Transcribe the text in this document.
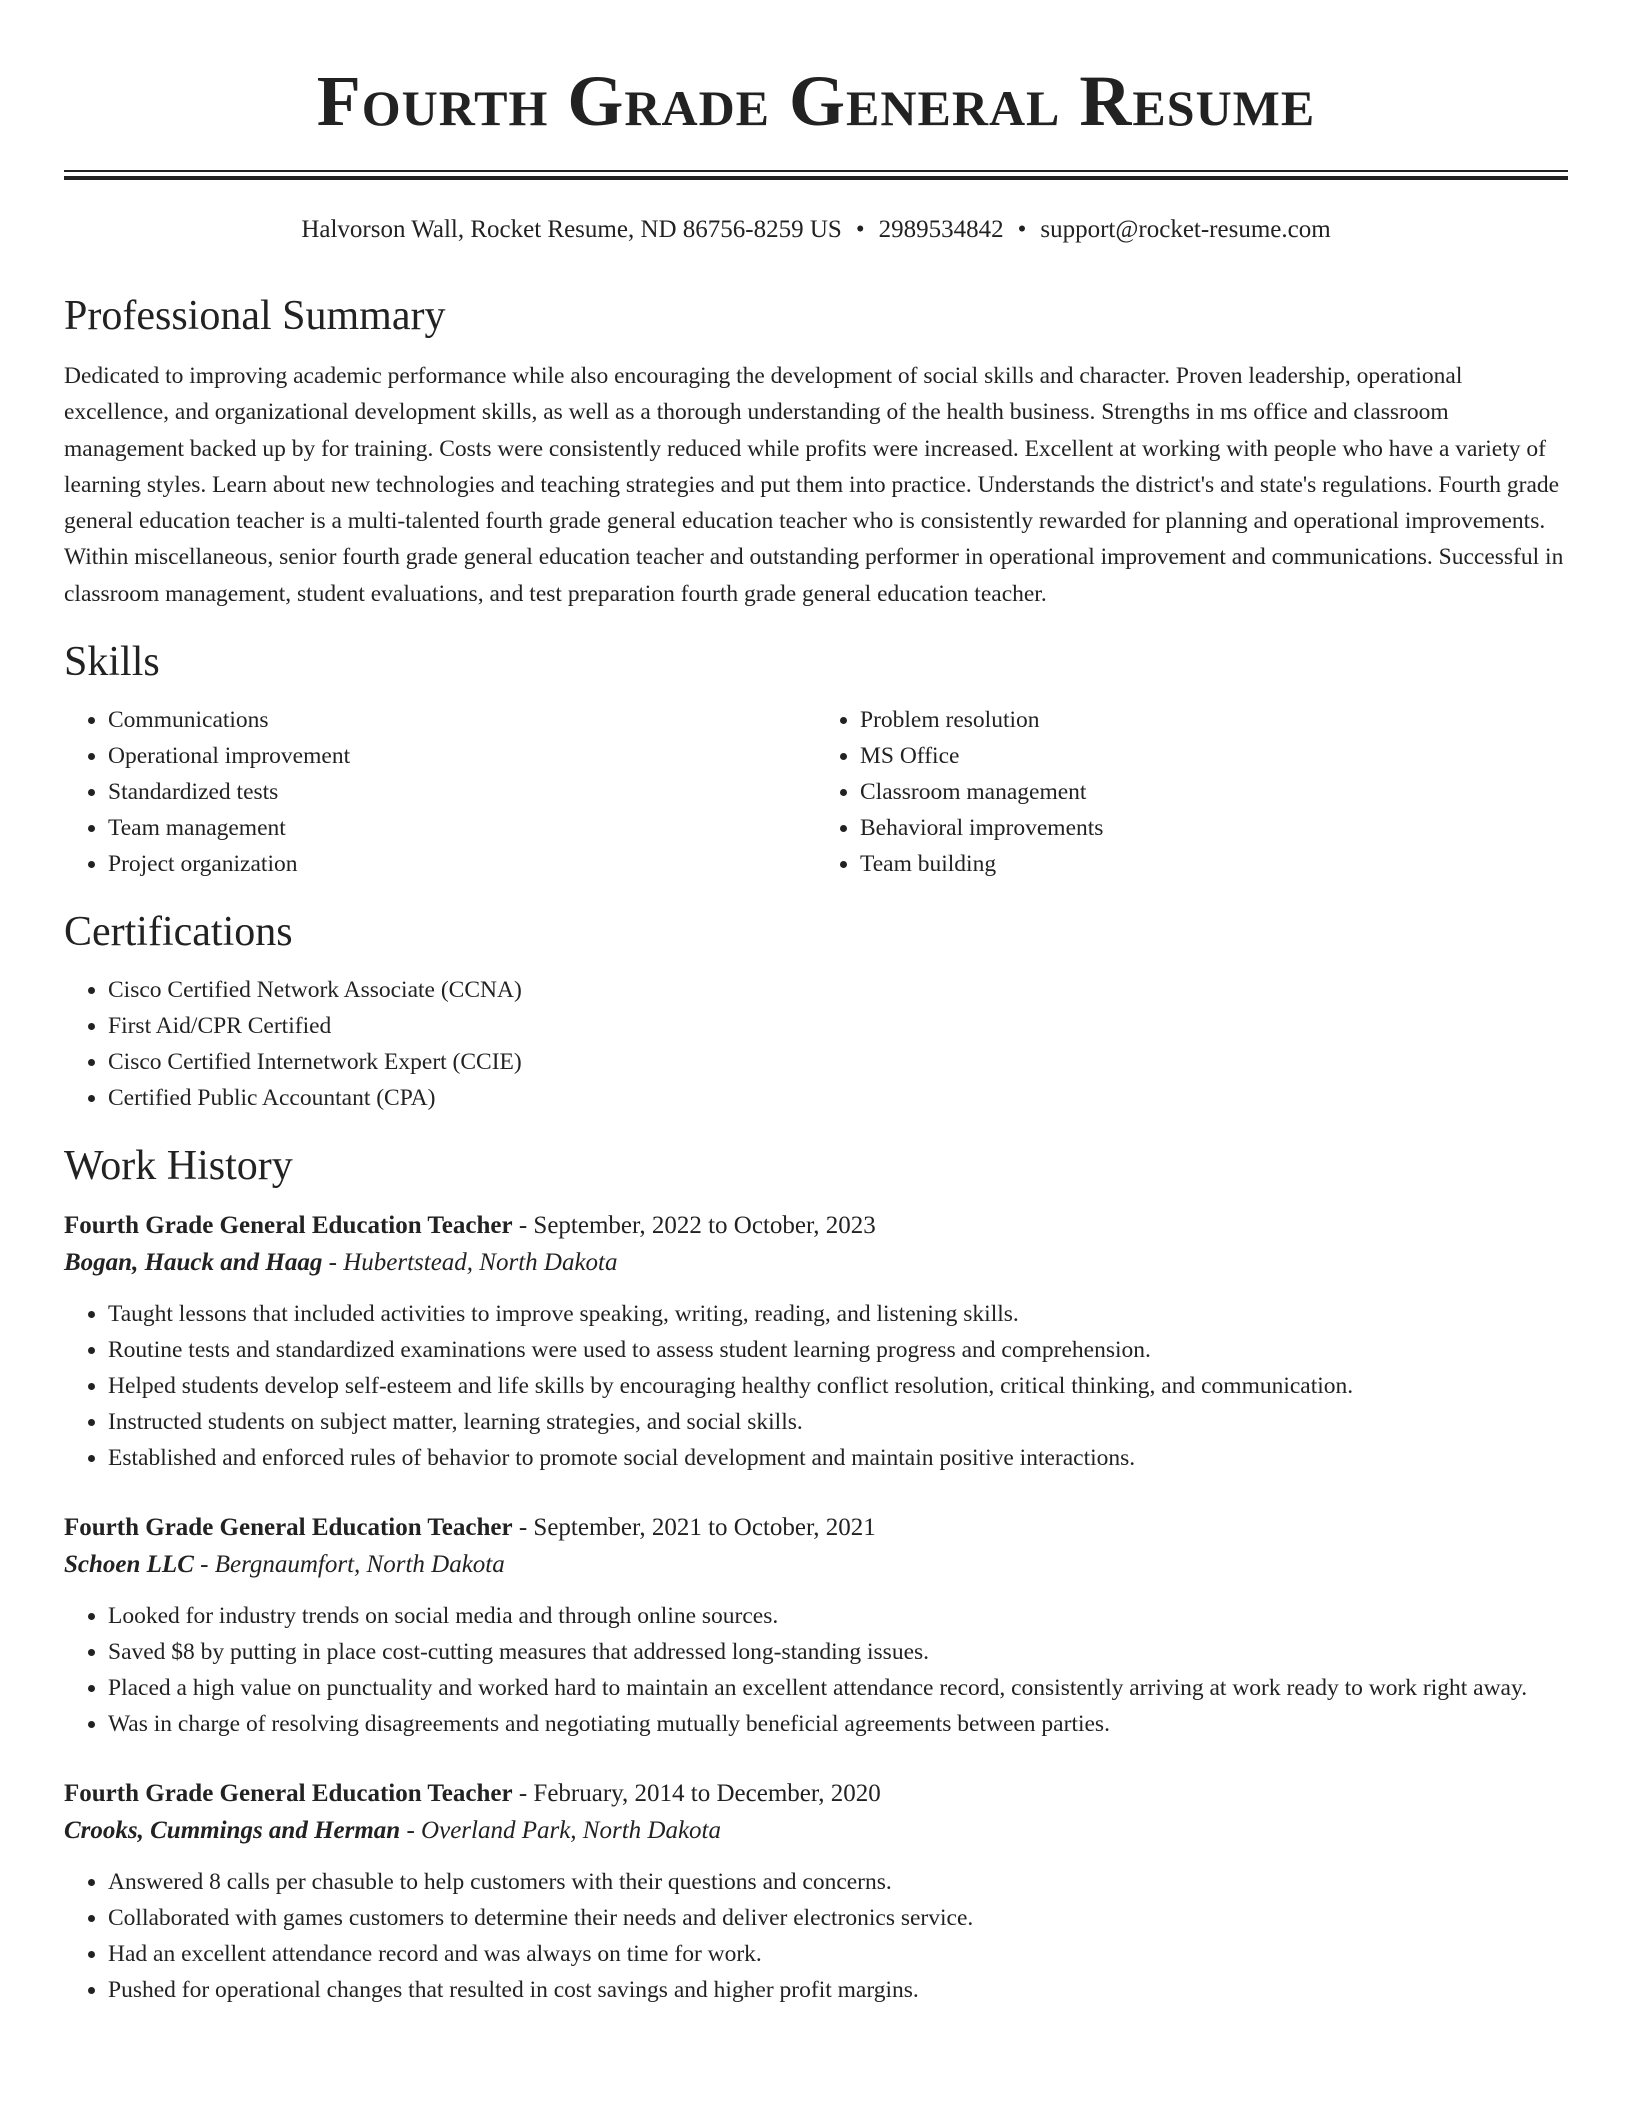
Fourth Grade General Resume
Halvorson Wall, Rocket Resume, ND 86756-8259 US • 2989534842 • support@rocket-resume.com
Professional Summary

Dedicated to improving academic performance while also encouraging the development of social skills and character. Proven leadership, operational excellence, and organizational development skills, as well as a thorough understanding of the health business. Strengths in ms office and classroom management backed up by for training. Costs were consistently reduced while profits were increased. Excellent at working with people who have a variety of learning styles. Learn about new technologies and teaching strategies and put them into practice. Understands the district's and state's regulations. Fourth grade general education teacher is a multi-talented fourth grade general education teacher who is consistently rewarded for planning and operational improvements. Within miscellaneous, senior fourth grade general education teacher and outstanding performer in operational improvement and communications. Successful in classroom management, student evaluations, and test preparation fourth grade general education teacher.

Skills
• Communications
• Operational improvement
• Standardized tests
• Team management
• Project organization
• Problem resolution
• MS Office
• Classroom management
• Behavioral improvements
• Team building
Certifications
• Cisco Certified Network Associate (CCNA)
• First Aid/CPR Certified
• Cisco Certified Internetwork Expert (CCIE)
• Certified Public Accountant (CPA)
Work History
Fourth Grade General Education Teacher - September, 2022 to October, 2023
Bogan, Hauck and Haag - Hubertstead, North Dakota
• Taught lessons that included activities to improve speaking, writing, reading, and listening skills.
• Routine tests and standardized examinations were used to assess student learning progress and comprehension.
• Helped students develop self-esteem and life skills by encouraging healthy conflict resolution, critical thinking, and communication.
• Instructed students on subject matter, learning strategies, and social skills.
• Established and enforced rules of behavior to promote social development and maintain positive interactions.
Fourth Grade General Education Teacher - September, 2021 to October, 2021
Schoen LLC - Bergnaumfort, North Dakota
• Looked for industry trends on social media and through online sources.
• Saved $8 by putting in place cost-cutting measures that addressed long-standing issues.
• Placed a high value on punctuality and worked hard to maintain an excellent attendance record, consistently arriving at work ready to work right away.
• Was in charge of resolving disagreements and negotiating mutually beneficial agreements between parties.
Fourth Grade General Education Teacher - February, 2014 to December, 2020
Crooks, Cummings and Herman - Overland Park, North Dakota
• Answered 8 calls per chasuble to help customers with their questions and concerns.
• Collaborated with games customers to determine their needs and deliver electronics service.
• Had an excellent attendance record and was always on time for work.
• Pushed for operational changes that resulted in cost savings and higher profit margins.
